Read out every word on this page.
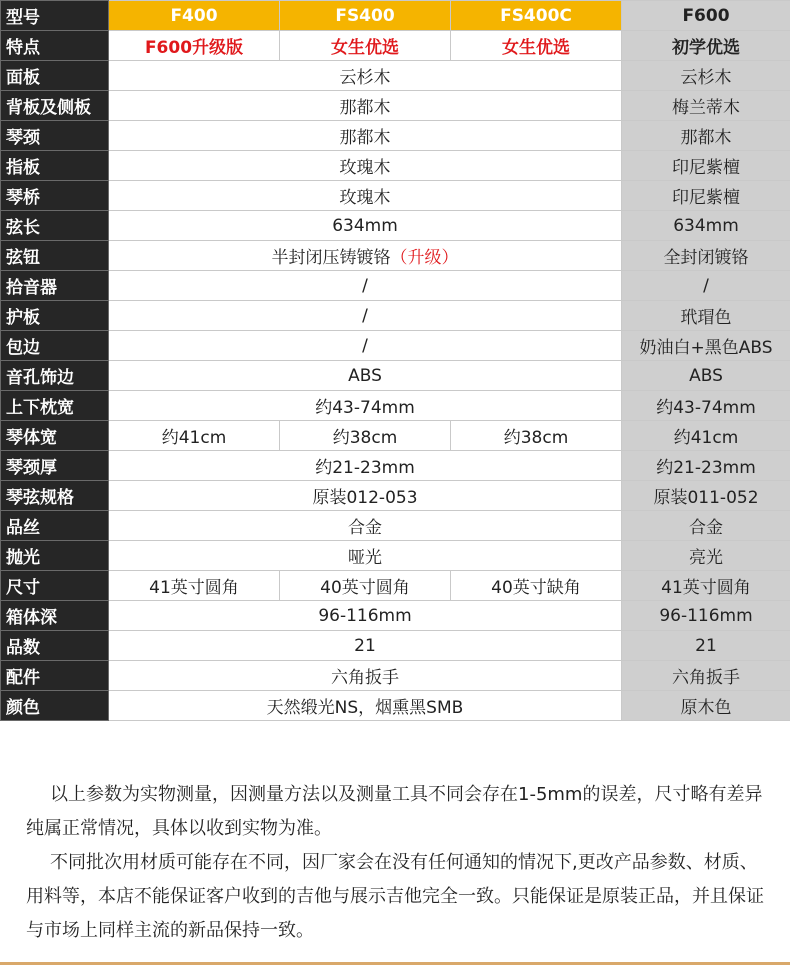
型号	F400	FS400	FS400C	F600
特点	F600升级版	女生优选	女生优选	初学优选
面板	云杉木			云杉木
背板及侧板	那都木			梅兰蒂木
琴颈	那都木			那都木
指板	玫瑰木			印尼紫檀
琴桥	玫瑰木			印尼紫檀
弦长	634mm			634mm
弦钮	半封闭压铸镀铬（升级）			全封闭镀铬
拾音器	/			/
护板	/			玳瑁色
包边	/			奶油白+黑色ABS
音孔饰边	ABS			ABS
上下枕宽	约43-74mm			约43-74mm
琴体宽	约41cm	约38cm	约38cm	约41cm
琴颈厚	约21-23mm			约21-23mm
琴弦规格	原装012-053			原装011-052
品丝	合金			合金
抛光	哑光			亮光
尺寸	41英寸圆角	40英寸圆角	40英寸缺角	41英寸圆角
箱体深	96-116mm			96-116mm
品数	21			21
配件	六角扳手			六角扳手
颜色	天然缎光NS，烟熏黑SMB			原木色

以上参数为实物测量，因测量方法以及测量工具不同会存在1-5mm的误差，尺寸略有差异纯属正常情况，具体以收到实物为准。

不同批次用材质可能存在不同，因厂家会在没有任何通知的情况下,更改产品参数、材质、用料等，本店不能保证客户收到的吉他与展示吉他完全一致。只能保证是原装正品，并且保证与市场上同样主流的新品保持一致。
